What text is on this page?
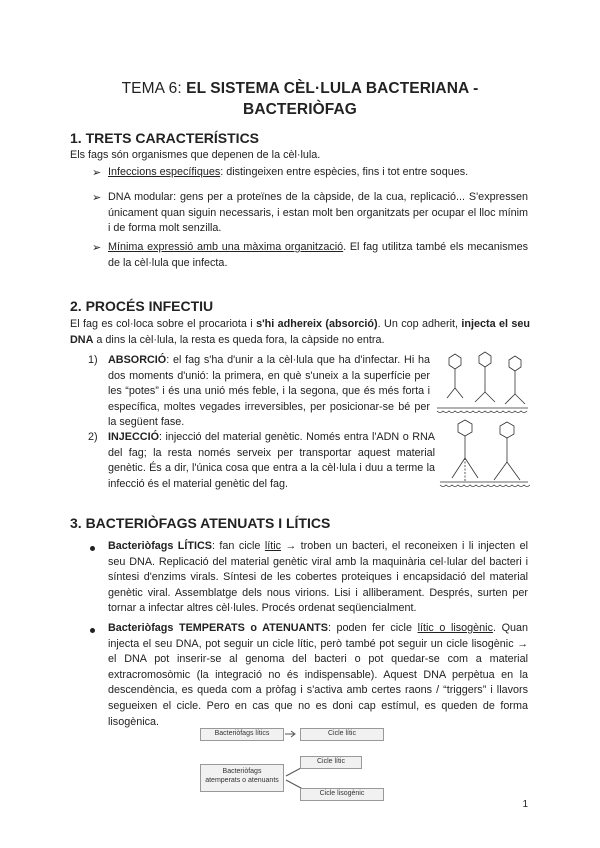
TEMA 6: EL SISTEMA CÈL·LULA BACTERIANA -
BACTERIÒFAG
1. TRETS CARACTERÍSTICS
Els fags són organismes que depenen de la cèl·lula.
➢ Infeccions específiques: distingeixen entre espècies, fins i tot entre soques.
➢ DNA modular: gens per a proteïnes de la càpside, de la cua, replicació... S'expressen únicament quan siguin necessaris, i estan molt ben organitzats per ocupar el lloc mínim i de forma molt senzilla.
➢ Mínima expressió amb una màxima organització. El fag utilitza també els mecanismes de la cèl·lula que infecta.
2. PROCÉS INFECTIU
El fag es col·loca sobre el procariota i s'hi adhereix (absorció). Un cop adherit, injecta el seu DNA a dins la cèl·lula, la resta es queda fora, la càpside no entra.
1) ABSORCIÓ: el fag s'ha d'unir a la cèl·lula que ha d'infectar. Hi ha dos moments d'unió: la primera, en què s'uneix a la superfície per les “potes” i és una unió més feble, i la segona, que és més forta i específica, moltes vegades irreversibles, per posicionar-se bé per la següent fase.
2) INJECCIÓ: injecció del material genètic. Només entra l'ADN o RNA del fag; la resta només serveix per transportar aquest material genètic. És a dir, l'única cosa que entra a la cèl·lula i duu a terme la infecció és el material genètic del fag.
3. BACTERIÒFAGS ATENUATS I LÍTICS
Bacteriòfags LÍTICS: fan cicle lític → troben un bacteri, el reconeixen i li injecten el seu DNA. Replicació del material genètic viral amb la maquinària cel·lular del bacteri i síntesi d'enzims virals. Síntesi de les cobertes proteiques i encapsidació del material genètic viral. Assemblatge dels nous virions. Lisi i alliberament. Després, surten per tornar a infectar altres cèl·lules. Procés ordenat seqüencialment.
Bacteriòfags TEMPERATS o ATENUANTS: poden fer cicle lític o lisogènic. Quan injecta el seu DNA, pot seguir un cicle lític, però també pot seguir un cicle lisogènic → el DNA pot inserir-se al genoma del bacteri o pot quedar-se com a material extracromosòmic (la integració no és indispensable). Aquest DNA perpètua en la descendència, es queda com a pròfag i s'activa amb certes raons / “triggers” i llavors segueixen el cicle. Pero en cas que no es doni cap estímul, es queden de forma lisogènica.
Bacteriòfags lítics	Cicle lític
Bacteriòfags
atemperats o atenuants
Cicle lític
Cicle lisogènic
1
